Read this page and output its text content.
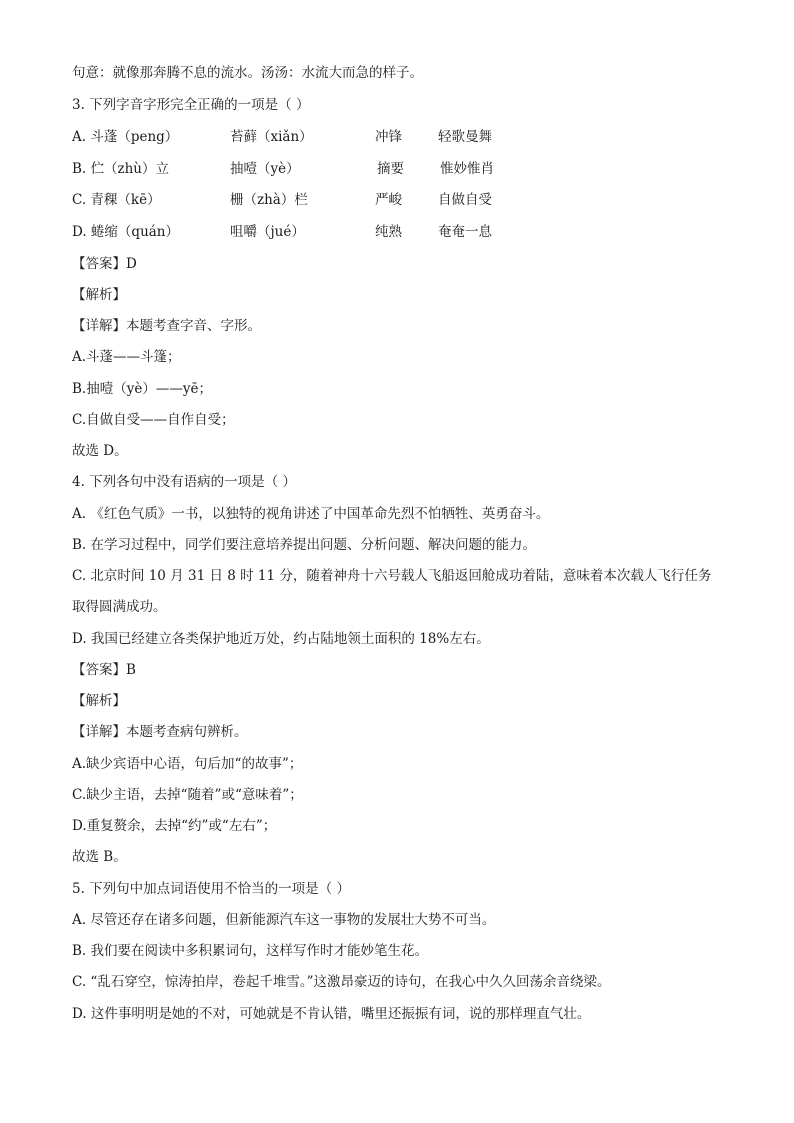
句意：就像那奔腾不息的流水。汤汤：水流大而急的样子。
3. 下列字音字形完全正确的一项是（ ）
A. 斗蓬（peng）	苔藓（xiǎn）	冲锋	轻歌曼舞
B. 伫（zhù）立	抽噎（yè）	摘要	惟妙惟肖
C. 青稞（kē）	栅（zhà）栏	严峻	自做自受
D. 蜷缩（quán）	咀嚼（jué）	纯熟	奄奄一息
【答案】D
【解析】
【详解】本题考查字音、字形。
A.斗蓬——斗篷；
B.抽噎（yè）——yē；
C.自做自受——自作自受；
故选 D。
4. 下列各句中没有语病的一项是（ ）
A. 《红色气质》一书，以独特的视角讲述了中国革命先烈不怕牺牲、英勇奋斗。
B. 在学习过程中，同学们要注意培养提出问题、分析问题、解决问题的能力。
C. 北京时间 10 月 31 日 8 时 11 分，随着神舟十六号载人飞船返回舱成功着陆，意味着本次载人飞行任务
取得圆满成功。
D. 我国已经建立各类保护地近万处，约占陆地领土面积的 18%左右。
【答案】B
【解析】
【详解】本题考查病句辨析。
A.缺少宾语中心语，句后加“的故事”；
C.缺少主语，去掉“随着”或“意味着”；
D.重复赘余，去掉“约”或“左右”；
故选 B。
5. 下列句中加点词语使用不恰当的一项是（ ）
A. 尽管还存在诸多问题，但新能源汽车这一事物的发展壮大势不可当。
B. 我们要在阅读中多积累词句，这样写作时才能妙笔生花。
C. “乱石穿空，惊涛拍岸，卷起千堆雪。”这激昂豪迈的诗句，在我心中久久回荡余音绕梁。
D. 这件事明明是她的不对，可她就是不肯认错，嘴里还振振有词，说的那样理直气壮。
